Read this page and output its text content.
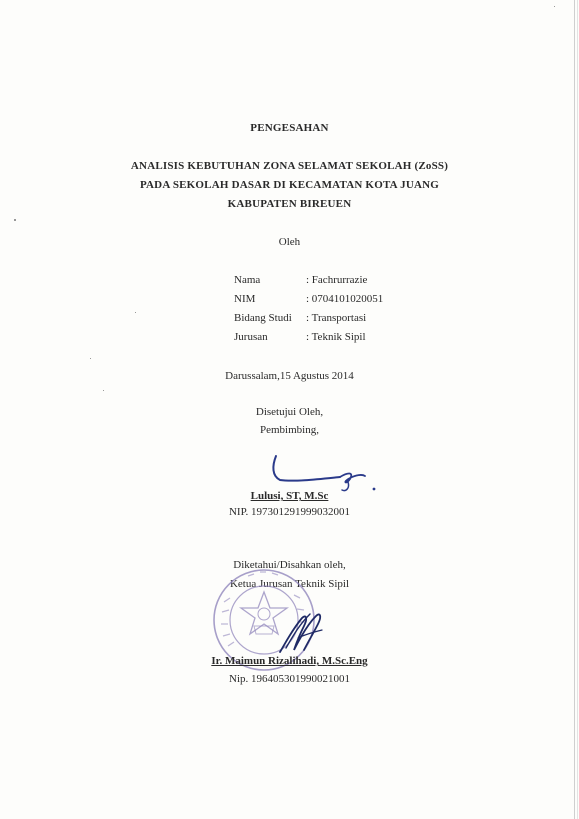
PENGESAHAN
ANALISIS KEBUTUHAN ZONA SELAMAT SEKOLAH (ZoSS)
PADA SEKOLAH DASAR DI KECAMATAN KOTA JUANG
KABUPATEN BIREUEN
Oleh
Nama	: Fachrurrazie
NIM	: 0704101020051
Bidang Studi : Transportasi
Jurusan	: Teknik Sipil
Darussalam,15 Agustus 2014
Disetujui Oleh,
Pembimbing,
Lulusi, ST, M.Sc
NIP. 197301291999032001
Diketahui/Disahkan oleh,
Ketua Jurusan Teknik Sipil
Ir. Maimun Rizalihadi, M.Sc.Eng
Nip. 196405301990021001
